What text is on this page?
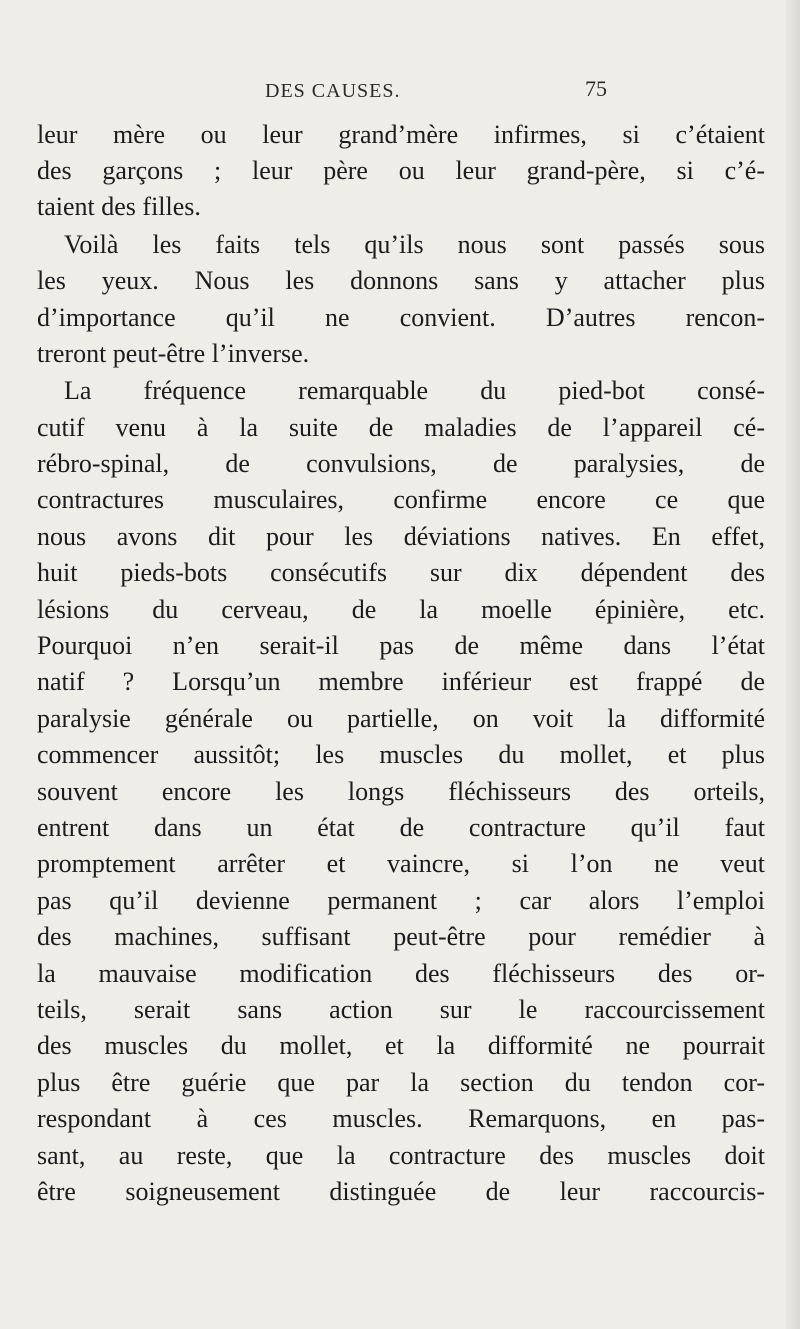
DES CAUSES.	75
leur mère ou leur grand’mère infirmes, si c’étaient
des garçons ; leur père ou leur grand-père, si c’é-
taient des filles.
Voilà les faits tels qu’ils nous sont passés sous
les yeux. Nous les donnons sans y attacher plus
d’importance qu’il ne convient. D’autres rencon-
treront peut-être l’inverse.
La fréquence remarquable du pied-bot consé-
cutif venu à la suite de maladies de l’appareil cé-
rébro-spinal, de convulsions, de paralysies, de
contractures musculaires, confirme encore ce que
nous avons dit pour les déviations natives. En effet,
huit pieds-bots consécutifs sur dix dépendent des
lésions du cerveau, de la moelle épinière, etc.
Pourquoi n’en serait-il pas de même dans l’état
natif ? Lorsqu’un membre inférieur est frappé de
paralysie générale ou partielle, on voit la difformité
commencer aussitôt; les muscles du mollet, et plus
souvent encore les longs fléchisseurs des orteils,
entrent dans un état de contracture qu’il faut
promptement arrêter et vaincre, si l’on ne veut
pas qu’il devienne permanent ; car alors l’emploi
des machines, suffisant peut-être pour remédier à
la mauvaise modification des fléchisseurs des or-
teils, serait sans action sur le raccourcissement
des muscles du mollet, et la difformité ne pourrait
plus être guérie que par la section du tendon cor-
respondant à ces muscles. Remarquons, en pas-
sant, au reste, que la contracture des muscles doit
être soigneusement distinguée de leur raccourcis-
